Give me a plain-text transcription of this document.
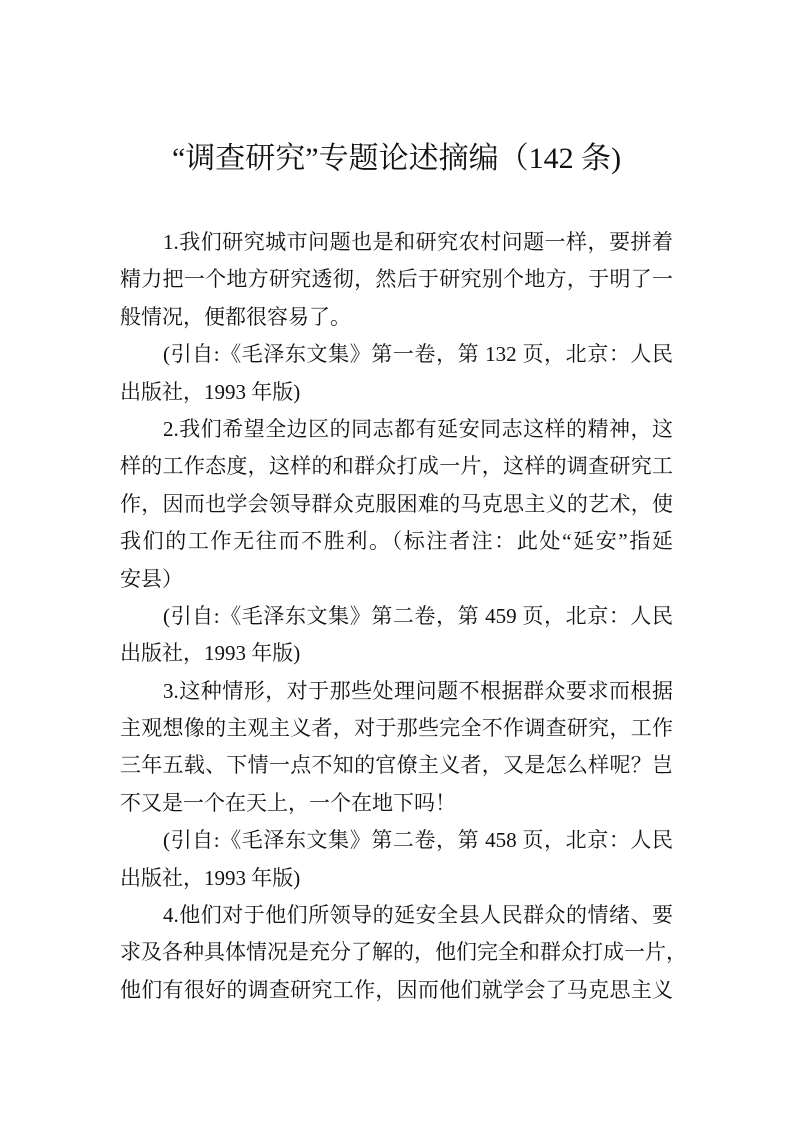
“调查研究”专题论述摘编（142 条)
1.我们研究城市问题也是和研究农村问题一样，要拼着
精力把一个地方研究透彻，然后于研究别个地方，于明了一
般情况，便都很容易了。
(引自:《毛泽东文集》第一卷，第 132 页，北京：人民
出版社，1993 年版)
2.我们希望全边区的同志都有延安同志这样的精神，这
样的工作态度，这样的和群众打成一片，这样的调查研究工
作，因而也学会领导群众克服困难的马克思主义的艺术，使
我们的工作无往而不胜利。（标注者注：此处“延安”指延
安县）
(引自:《毛泽东文集》第二卷，第 459 页，北京：人民
出版社，1993 年版)
3.这种情形，对于那些处理问题不根据群众要求而根据
主观想像的主观主义者，对于那些完全不作调查研究，工作
三年五载、下情一点不知的官僚主义者，又是怎么样呢？岂
不又是一个在天上，一个在地下吗！
(引自:《毛泽东文集》第二卷，第 458 页，北京：人民
出版社，1993 年版)
4.他们对于他们所领导的延安全县人民群众的情绪、要
求及各种具体情况是充分了解的，他们完全和群众打成一片，
他们有很好的调查研究工作，因而他们就学会了马克思主义
